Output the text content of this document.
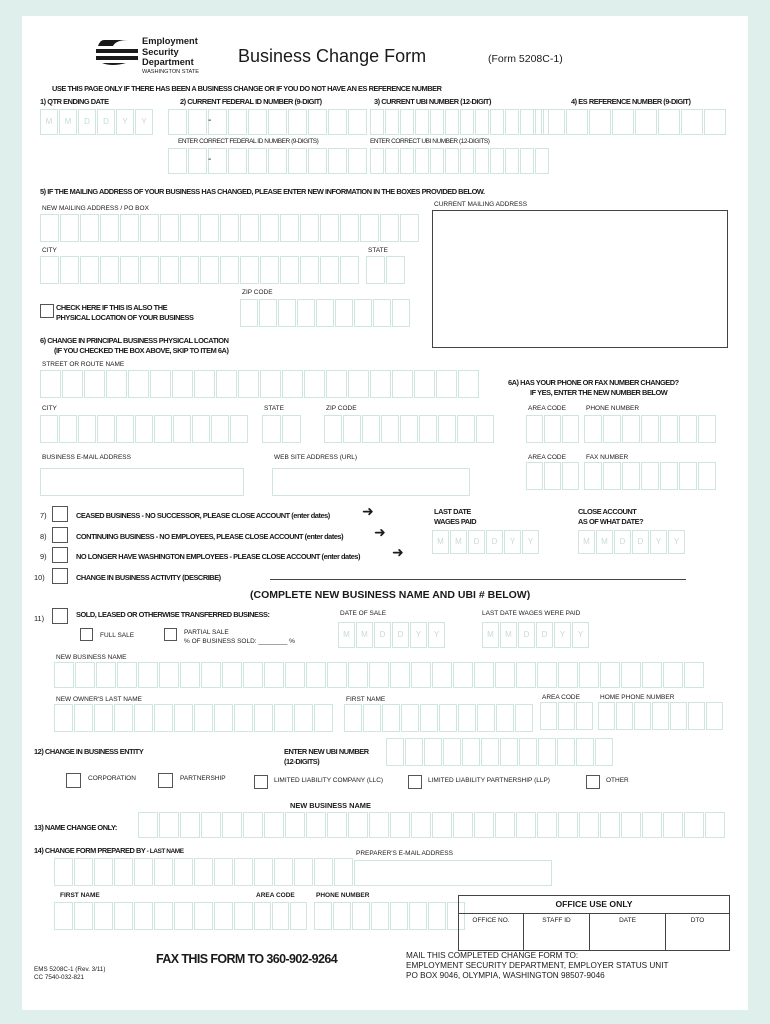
Employment
Security
Department
WASHINGTON STATE
Business Change Form	(Form 5208C-1)
USE THIS PAGE ONLY IF THERE HAS BEEN A BUSINESS CHANGE OR IF YOU DO NOT HAVE AN ES REFERENCE NUMBER
1) QTR ENDING DATE	2) CURRENT FEDERAL ID NUMBER (9-DIGIT)	3) CURRENT UBI NUMBER (12-DIGIT)	4) ES REFERENCE NUMBER (9-DIGIT)
M	M	D	D	Y	Y	-
ENTER CORRECT FEDERAL ID NUMBER (9-DIGITS)	ENTER CORRECT UBI NUMBER (12-DIGITS)
-
5) IF THE MAILING ADDRESS OF YOUR BUSINESS HAS CHANGED, PLEASE ENTER NEW INFORMATION IN THE BOXES PROVIDED BELOW.
NEW MAILING ADDRESS / PO BOX
CURRENT MAILING ADDRESS
CITY	STATE
ZIP CODE
CHECK HERE IF THIS IS ALSO THE
PHYSICAL LOCATION OF YOUR BUSINESS
6) CHANGE IN PRINCIPAL BUSINESS PHYSICAL LOCATION
(IF YOU CHECKED THE BOX ABOVE, SKIP TO ITEM 6A)
STREET OR ROUTE NAME
6A) HAS YOUR PHONE OR FAX NUMBER CHANGED?
IF YES, ENTER THE NEW NUMBER BELOW
CITY	STATE	ZIP CODE	AREA CODE	PHONE NUMBER
BUSINESS E-MAIL ADDRESS	WEB SITE ADDRESS (URL)	AREA CODE	FAX NUMBER
7)	CEASED BUSINESS - NO SUCCESSOR, PLEASE CLOSE ACCOUNT (enter dates) ➜
8)	CONTINUING BUSINESS - NO EMPLOYEES, PLEASE CLOSE ACCOUNT (enter dates) ➜
9)	NO LONGER HAVE WASHINGTON EMPLOYEES - PLEASE CLOSE ACCOUNT (enter dates) ➜
10)	CHANGE IN BUSINESS ACTIVITY (DESCRIBE)
LAST DATE
WAGES PAID
CLOSE ACCOUNT
AS OF WHAT DATE?
M	M	D	D	Y	Y	M	M	D	D	Y	Y
(COMPLETE NEW BUSINESS NAME AND UBI # BELOW)
11)	SOLD, LEASED OR OTHERWISE TRANSFERRED BUSINESS:	DATE OF SALE	LAST DATE WAGES WERE PAID
FULL SALE	PARTIAL SALE
% OF BUSINESS SOLD: ________ %
M	M	D	D	Y	Y	M	M	D	D	Y	Y
NEW BUSINESS NAME
NEW OWNER'S LAST NAME	FIRST NAME	AREA CODE	HOME PHONE NUMBER
12) CHANGE IN BUSINESS ENTITY	ENTER NEW UBI NUMBER
(12-DIGITS)
CORPORATION	PARTNERSHIP	LIMITED LIABILITY COMPANY (LLC)	LIMITED LIABILITY PARTNERSHIP (LLP)	OTHER
NEW BUSINESS NAME
13) NAME CHANGE ONLY:
14) CHANGE FORM PREPARED BY - LAST NAME	PREPARER'S E-MAIL ADDRESS
FIRST NAME	AREA CODE	PHONE NUMBER
OFFICE USE ONLY
OFFICE NO.	STAFF ID	DATE	DTO
FAX THIS FORM TO 360-902-9264	MAIL THIS COMPLETED CHANGE FORM TO:
EMPLOYMENT SECURITY DEPARTMENT, EMPLOYER STATUS UNIT
PO BOX 9046, OLYMPIA, WASHINGTON 98507-9046
EMS 5208C-1 (Rev. 3/11)
CC 7540-032-821
